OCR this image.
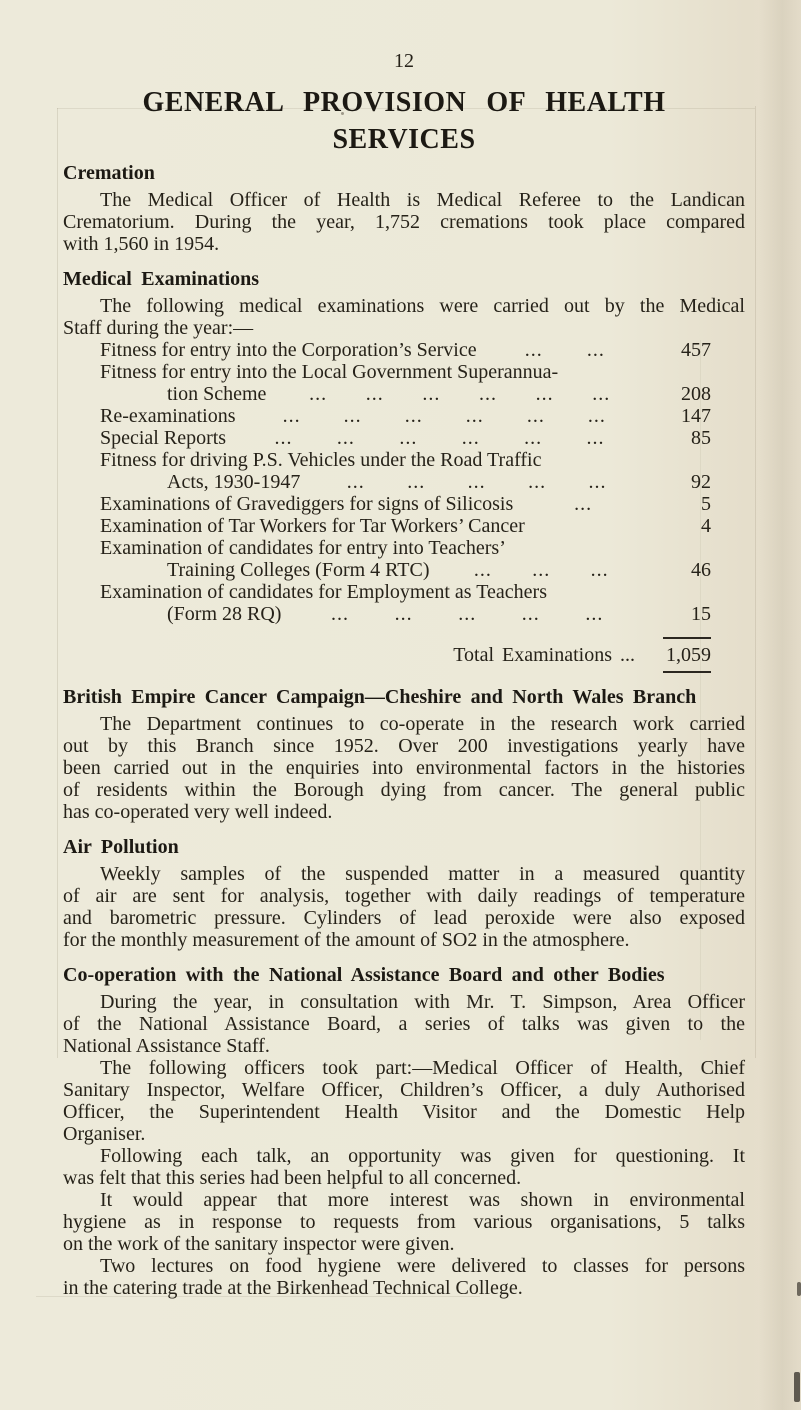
12
GENERAL PROVISION OF HEALTH
SERVICES
Cremation
The Medical Officer of Health is Medical Referee to the Landican
Crematorium. During the year, 1,752 cremations took place compared
with 1,560 in 1954.
Medical Examinations
The following medical examinations were carried out by the Medical
Staff during the year:—
Fitness for entry into the Corporation’s Service ... ...	457
Fitness for entry into the Local Government Superannua-
tion Scheme ... ... ... ... ... ...	208
Re-examinations ... ... ... ... ... ...	147
Special Reports ... ... ... ... ... ...	85
Fitness for driving P.S. Vehicles under the Road Traffic
Acts, 1930-1947 ... ... ... ... ...	92
Examinations of Gravediggers for signs of Silicosis	...	5
Examination of Tar Workers for Tar Workers’ Cancer	4
Examination of candidates for entry into Teachers’
Training Colleges (Form 4 RTC) ... ... ...	46
Examination of candidates for Employment as Teachers
(Form 28 RQ) ... ... ... ... ...	15
Total Examinations ...	1,059
British Empire Cancer Campaign—Cheshire and North Wales Branch
The Department continues to co-operate in the research work carried
out by this Branch since 1952. Over 200 investigations yearly have
been carried out in the enquiries into environmental factors in the histories
of residents within the Borough dying from cancer. The general public
has co-operated very well indeed.
Air Pollution
Weekly samples of the suspended matter in a measured quantity
of air are sent for analysis, together with daily readings of temperature
and barometric pressure. Cylinders of lead peroxide were also exposed
for the monthly measurement of the amount of SO2 in the atmosphere.
Co-operation with the National Assistance Board and other Bodies
During the year, in consultation with Mr. T. Simpson, Area Officer
of the National Assistance Board, a series of talks was given to the
National Assistance Staff.
The following officers took part:—Medical Officer of Health, Chief
Sanitary Inspector, Welfare Officer, Children’s Officer, a duly Authorised
Officer, the Superintendent Health Visitor and the Domestic Help
Organiser.
Following each talk, an opportunity was given for questioning. It
was felt that this series had been helpful to all concerned.
It would appear that more interest was shown in environmental
hygiene as in response to requests from various organisations, 5 talks
on the work of the sanitary inspector were given.
Two lectures on food hygiene were delivered to classes for persons
in the catering trade at the Birkenhead Technical College.
